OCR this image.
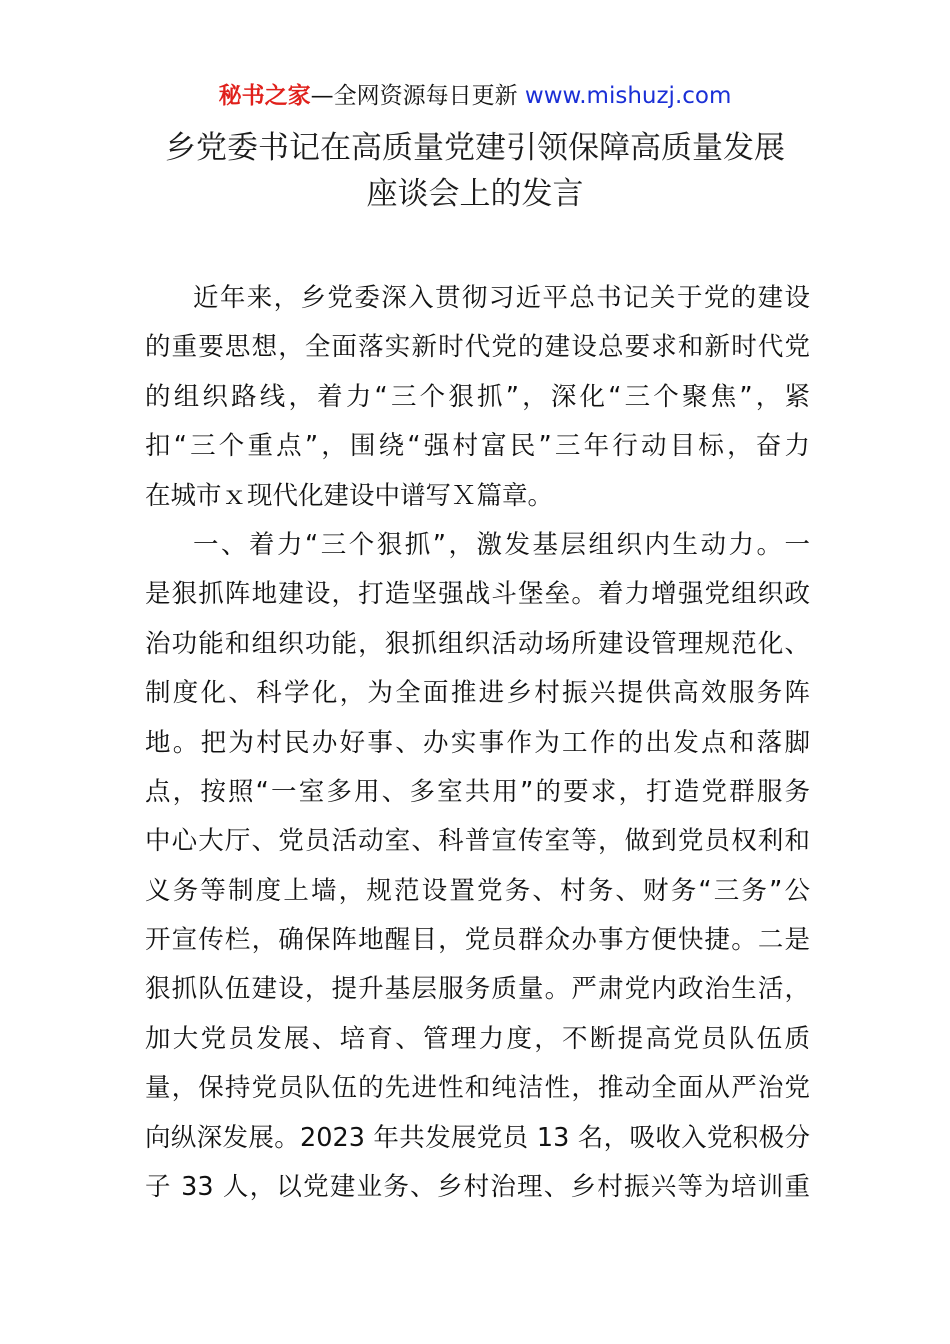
秘书之家—全网资源每日更新 www.mishuzj.com
乡党委书记在高质量党建引领保障高质量发展
座谈会上的发言
近年来，乡党委深入贯彻习近平总书记关于党的建设
的重要思想，全面落实新时代党的建设总要求和新时代党
的组织路线，着力“三个狠抓”，深化“三个聚焦”，紧
扣“三个重点”，围绕“强村富民”三年行动目标，奋力
在城市ｘ现代化建设中谱写Ｘ篇章。
一、着力“三个狠抓”，激发基层组织内生动力。一
是狠抓阵地建设，打造坚强战斗堡垒。着力增强党组织政
治功能和组织功能，狠抓组织活动场所建设管理规范化、
制度化、科学化，为全面推进乡村振兴提供高效服务阵
地。把为村民办好事、办实事作为工作的出发点和落脚
点，按照“一室多用、多室共用”的要求，打造党群服务
中心大厅、党员活动室、科普宣传室等，做到党员权利和
义务等制度上墙，规范设置党务、村务、财务“三务”公
开宣传栏，确保阵地醒目，党员群众办事方便快捷。二是
狠抓队伍建设，提升基层服务质量。严肃党内政治生活，
加大党员发展、培育、管理力度，不断提高党员队伍质
量，保持党员队伍的先进性和纯洁性，推动全面从严治党
向纵深发展。2023 年共发展党员 13 名，吸收入党积极分
子 33 人，以党建业务、乡村治理、乡村振兴等为培训重
